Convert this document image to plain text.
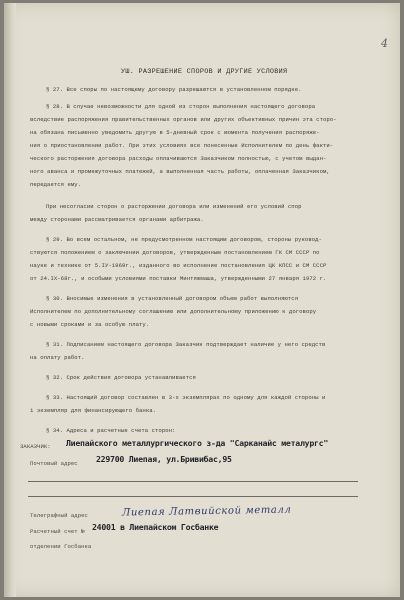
4
УШ. РАЗРЕШЕНИЕ СПОРОВ И ДРУГИЕ УСЛОВИЯ
§ 27. Все споры по настоящему договору разрешаются в установленном порядке.
§ 28. В случае невозможности для одной из сторон выполнения настоящего договора
вследствие распоряжения правительственных органов или других объективных причин эта сторо-
на обязана письменно уведомить другую в 5-дневный срок с момента получения распоряже-
ния о приостановлении работ. При этих условиях все понесенные Исполнителем по день факти-
ческого расторжения договора расходы оплачиваются Заказчиком полностью, с учетом выдан-
ного аванса и промежуточных платежей, а выполненная часть работы, оплаченная Заказчиком,
передается ему.
При несогласии сторон о расторжении договора или изменений его условий спор
между сторонами рассматривается органами арбитража.
§ 29. Во всем остальном, не предусмотренном настоящим договором, стороны руковод-
ствуются положением о заключении договоров, утвержденным постановлением ГК СМ СССР по
науке и технике от 5.IУ-1969г., изданного во исполнение постановления ЦК КПСС и СМ СССР
от 24.IX-68г., и особыми условиями поставки Минтяжмаша, утвержденными 27 января 1972 г.
§ 30. Вносимые изменения в установленный договором объем работ выполняются
Исполнителем по дополнительному соглашению или дополнительному приложению к договору
с новыми сроками и за особую плату.
§ 31. Подписанием настоящего договора Заказчик подтверждает наличие у него средств
на оплату работ.
§ 32. Срок действия договора устанавливается
§ 33. Настоящий договор составлен в 3-х экземплярах по одному для каждой стороны и
1 экземпляр для финансирующего банка.
§ 34. Адреса и расчетные счета сторон:
ЗАКАЗЧИК: Лиепайского металлургического з-да "Сарканайс металургс"
Почтовый адрес 229700 Лиепая, ул.Бривибас,95
Телеграфный адрес	Лиепая Латвийской металл
Расчетный счет № 24001 в Лиепайском Госбанке
отделении Госбанка
